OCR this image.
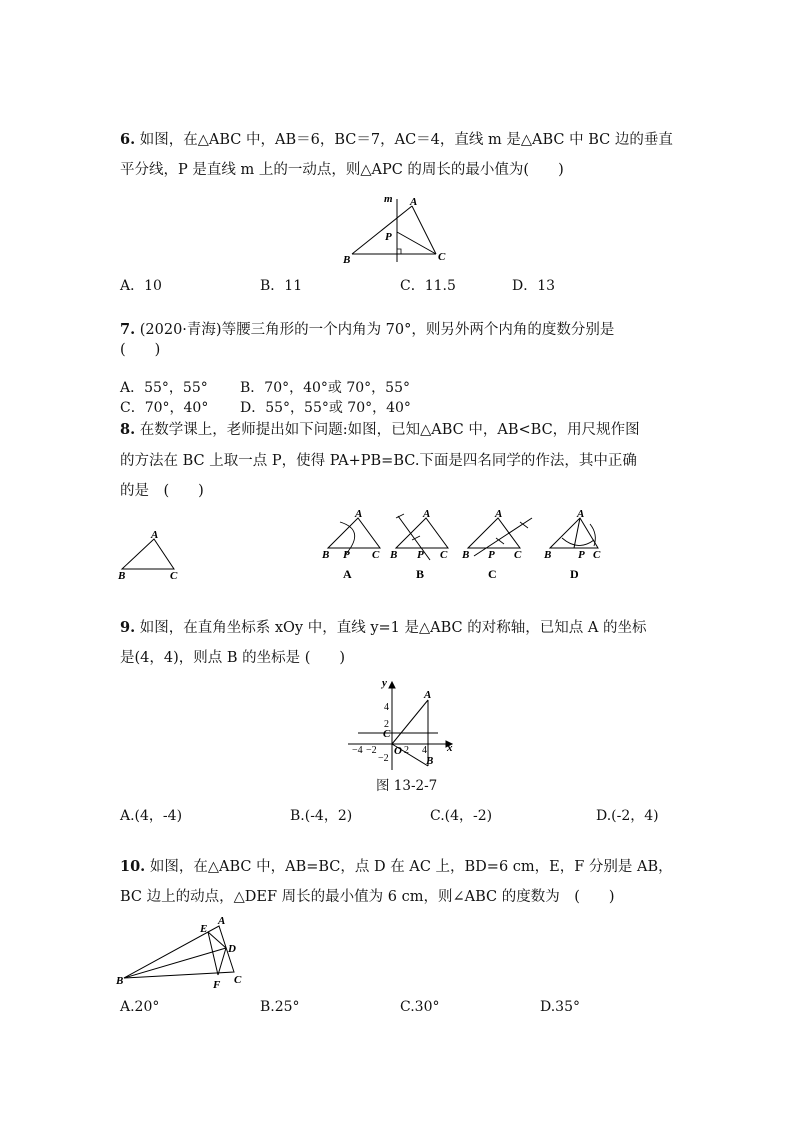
6. 如图，在△ABC 中，AB＝6，BC＝7，AC＝4，直线 m 是△ABC 中 BC 边的垂直
平分线，P 是直线 m 上的一动点，则△APC 的周长的最小值为(　　)
m A
P
B	C
A．10	B．11	C．11.5	D．13
7. (2020·青海)等腰三角形的一个内角为 70°，则另外两个内角的度数分别是
(　　)
A．55°，55° B．70°，40°或 70°，55°
C．70°，40° D．55°，55°或 70°，40°
8. 在数学课上，老师提出如下问题:如图，已知△ABC 中，AB<BC，用尺规作图
的方法在 BC 上取一点 P，使得 PA+PB=BC.下面是四名同学的作法，其中正确
的是　(　　)
A
B	C
A
B P C
A
A
B P C
B
A
B P C
C
A
B P C
D
9. 如图，在直角坐标系 xOy 中，直线 y=1 是△ABC 的对称轴，已知点 A 的坐标
是(4，4)，则点 B 的坐标是 (　　)
y
x
A
B
C
O
−4 −2	2 4
4
2
−2
图 13-2-7
A.(4，-4)	B.(-4，2)	C.(4，-2)	D.(-2，4)
10. 如图，在△ABC 中，AB=BC，点 D 在 AC 上，BD=6 cm，E，F 分别是 AB，
BC 边上的动点，△DEF 周长的最小值为 6 cm，则∠ABC 的度数为　(　　)
A
B	C
D
E
F
A.20°	B.25°	C.30°	D.35°
